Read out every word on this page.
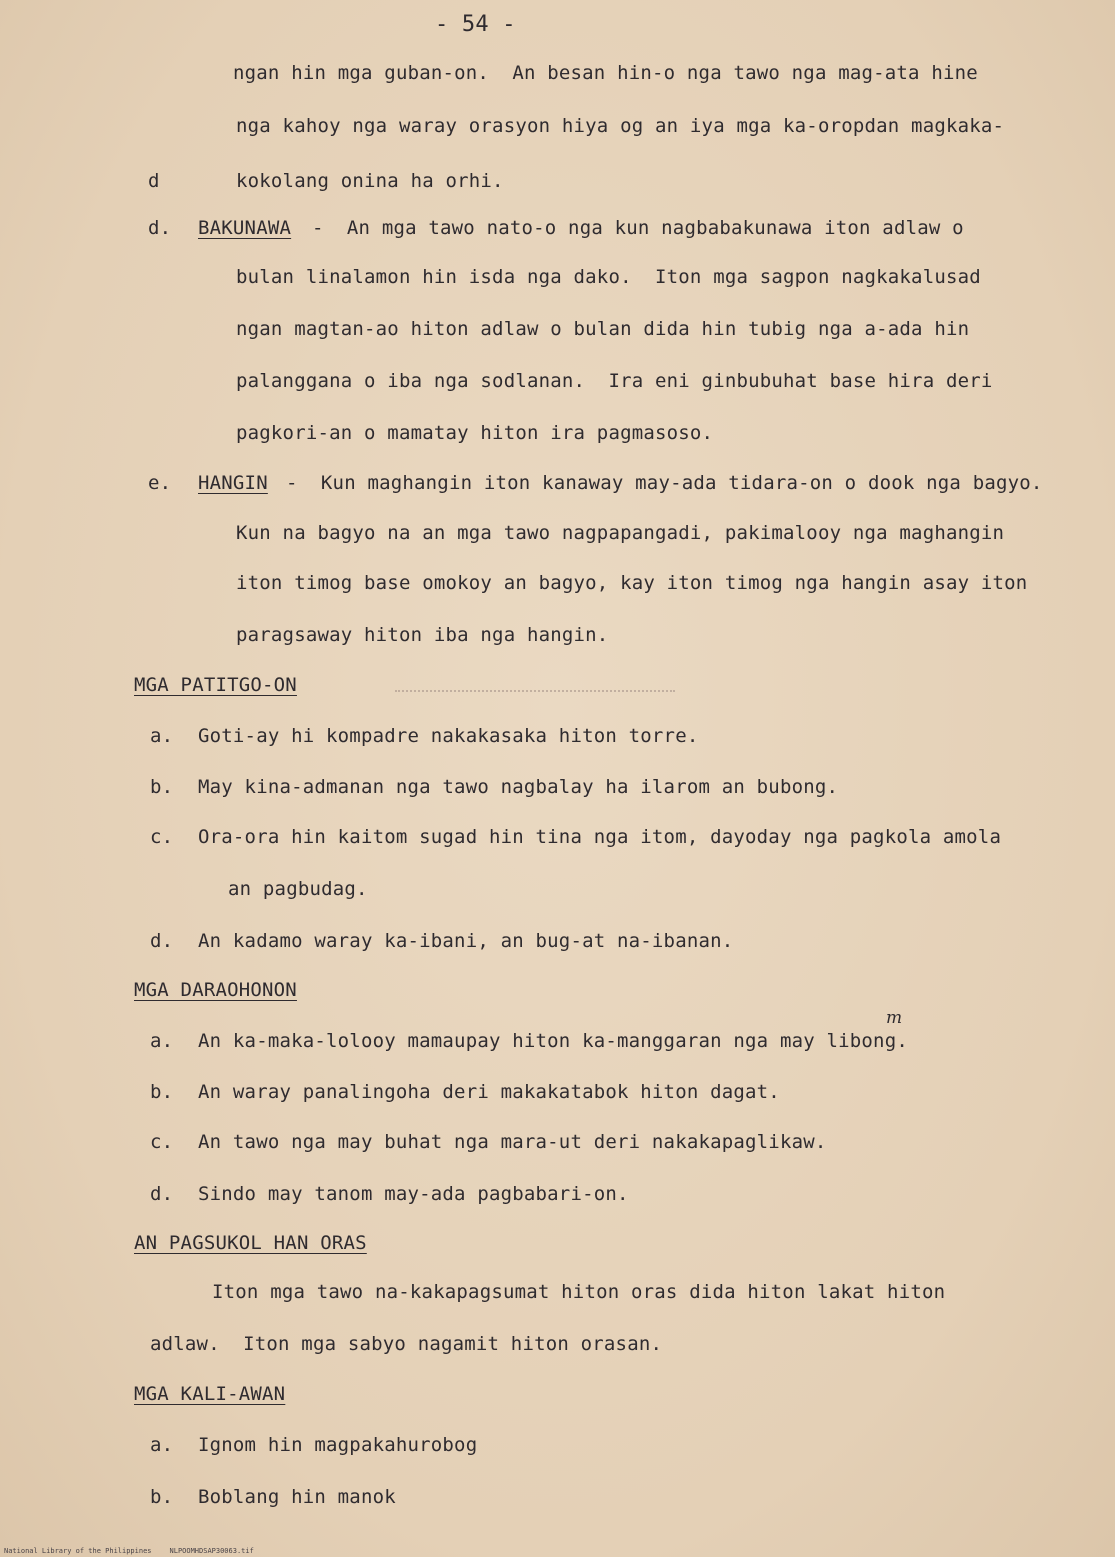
- 54 -
ngan hin mga guban-on.  An besan hin-o nga tawo nga mag-ata hine
nga kahoy nga waray orasyon hiya og an iya mga ka-oropdan magkaka-
d	kokolang onina ha orhi.
d. BAKUNAWA -  An mga tawo nato-o nga kun nagbabakunawa iton adlaw o
bulan linalamon hin isda nga dako.  Iton mga sagpon nagkakalusad
ngan magtan-ao hiton adlaw o bulan dida hin tubig nga a-ada hin
palanggana o iba nga sodlanan.  Ira eni ginbubuhat base hira deri
pagkori-an o mamatay hiton ira pagmasoso.
e. HANGIN -  Kun maghangin iton kanaway may-ada tidara-on o dook nga bagyo.
Kun na bagyo na an mga tawo nagpapangadi, pakimalooy nga maghangin
iton timog base omokoy an bagyo, kay iton timog nga hangin asay iton
paragsaway hiton iba nga hangin.
MGA PATITGO-ON
a. Goti-ay hi kompadre nakakasaka hiton torre.
b. May kina-admanan nga tawo nagbalay ha ilarom an bubong.
c. Ora-ora hin kaitom sugad hin tina nga itom, dayoday nga pagkola amola
an pagbudag.
d. An kadamo waray ka-ibani, an bug-at na-ibanan.
MGA DARAOHONON
a. An ka-maka-lolooy mamaupay hiton ka-manggaran nga may libong.
m
b. An waray panalingoha deri makakatabok hiton dagat.
c. An tawo nga may buhat nga mara-ut deri nakakapaglikaw.
d. Sindo may tanom may-ada pagbabari-on.
AN PAGSUKOL HAN ORAS
Iton mga tawo na-kakapagsumat hiton oras dida hiton lakat hiton
adlaw.  Iton mga sabyo nagamit hiton orasan.
MGA KALI-AWAN
a. Ignom hin magpakahurobog
b. Boblang hin manok
National Library of the Philippines	NLPOOMHDSAP30063.tif
